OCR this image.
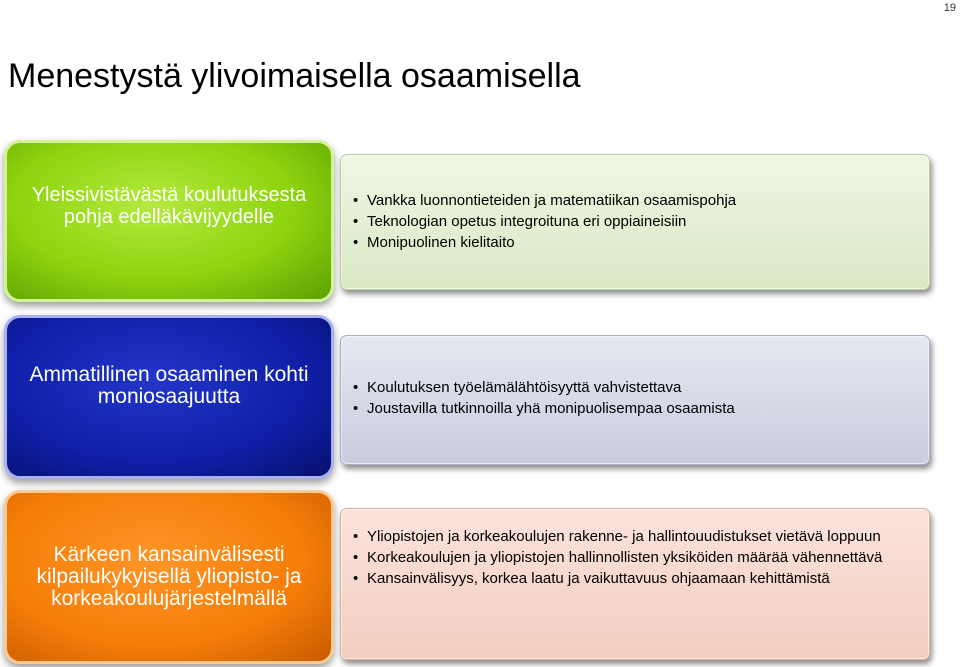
19
Menestystä ylivoimaisella osaamisella
• Vankka luonnontieteiden ja matematiikan osaamispohja
• Teknologian opetus integroituna eri oppiaineisiin
• Monipuolinen kielitaito
Yleissivistävästä koulutuksesta pohja edelläkävijyydelle
• Koulutuksen työelämälähtöisyyttä vahvistettava
• Joustavilla tutkinnoilla yhä monipuolisempaa osaamista
Ammatillinen osaaminen kohti moniosaajuutta
• Yliopistojen ja korkeakoulujen rakenne- ja hallintouudistukset vietävä loppuun
• Korkeakoulujen ja yliopistojen hallinnollisten yksiköiden määrää vähennettävä
• Kansainvälisyys, korkea laatu ja vaikuttavuus ohjaamaan kehittämistä
Kärkeen kansainvälisesti kilpailukykyisellä yliopisto- ja korkeakoulujärjestelmällä
